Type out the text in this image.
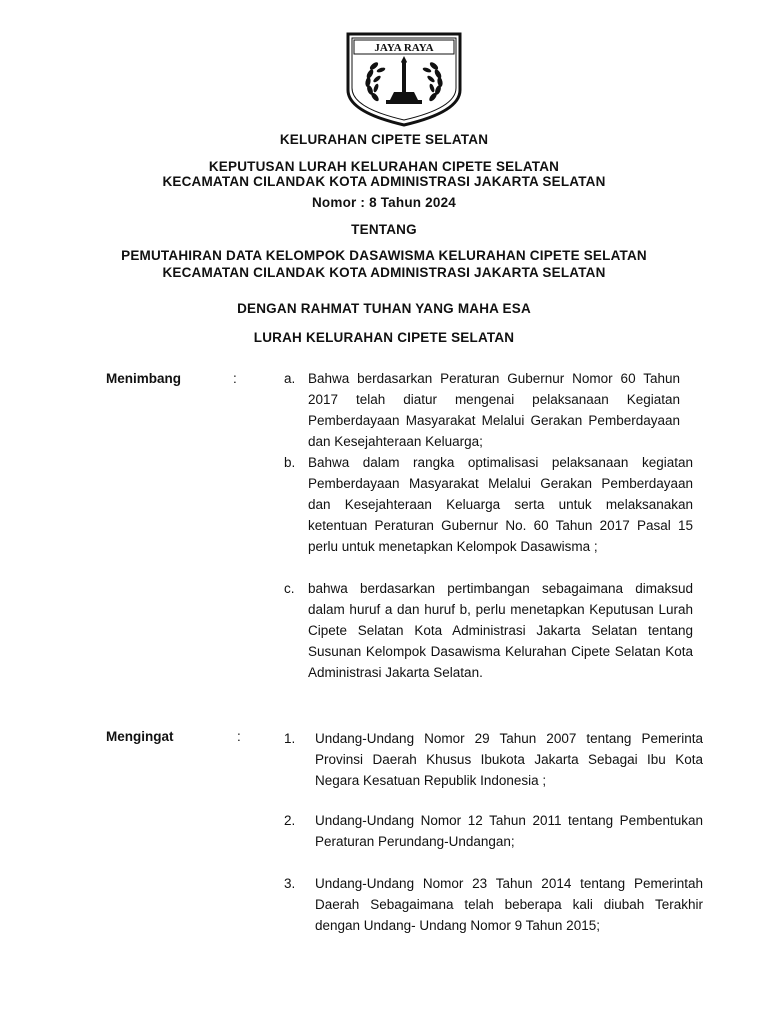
JAYA RAYA
KELURAHAN CIPETE SELATAN
KEPUTUSAN LURAH KELURAHAN CIPETE SELATAN
KECAMATAN CILANDAK KOTA ADMINISTRASI JAKARTA SELATAN
Nomor : 8 Tahun 2024
TENTANG
PEMUTAHIRAN DATA KELOMPOK DASAWISMA KELURAHAN CIPETE SELATAN
KECAMATAN CILANDAK KOTA ADMINISTRASI JAKARTA SELATAN
DENGAN RAHMAT TUHAN YANG MAHA ESA
LURAH KELURAHAN CIPETE SELATAN
Menimbang	:	a. Bahwa berdasarkan Peraturan Gubernur Nomor 60 Tahun 2017 telah diatur mengenai pelaksanaan Kegiatan Pemberdayaan Masyarakat Melalui Gerakan Pemberdayaan dan Kesejahteraan Keluarga;
b. Bahwa dalam rangka optimalisasi pelaksanaan kegiatan Pemberdayaan Masyarakat Melalui Gerakan Pemberdayaan dan Kesejahteraan Keluarga serta untuk melaksanakan ketentuan Peraturan Gubernur No. 60 Tahun 2017 Pasal 15 perlu untuk menetapkan Kelompok Dasawisma ;
c. bahwa berdasarkan pertimbangan sebagaimana dimaksud dalam huruf a dan huruf b, perlu menetapkan Keputusan Lurah Cipete Selatan Kota Administrasi Jakarta Selatan tentang Susunan Kelompok Dasawisma Kelurahan Cipete Selatan Kota Administrasi Jakarta Selatan.
Mengingat	:	1. Undang-Undang Nomor 29 Tahun 2007 tentang Pemerinta Provinsi Daerah Khusus Ibukota Jakarta Sebagai Ibu Kota Negara Kesatuan Republik Indonesia ;
2. Undang-Undang Nomor 12 Tahun 2011 tentang Pembentukan Peraturan Perundang-Undangan;
3. Undang-Undang Nomor 23 Tahun 2014 tentang Pemerintah Daerah Sebagaimana telah beberapa kali diubah Terakhir dengan Undang- Undang Nomor 9 Tahun 2015;
